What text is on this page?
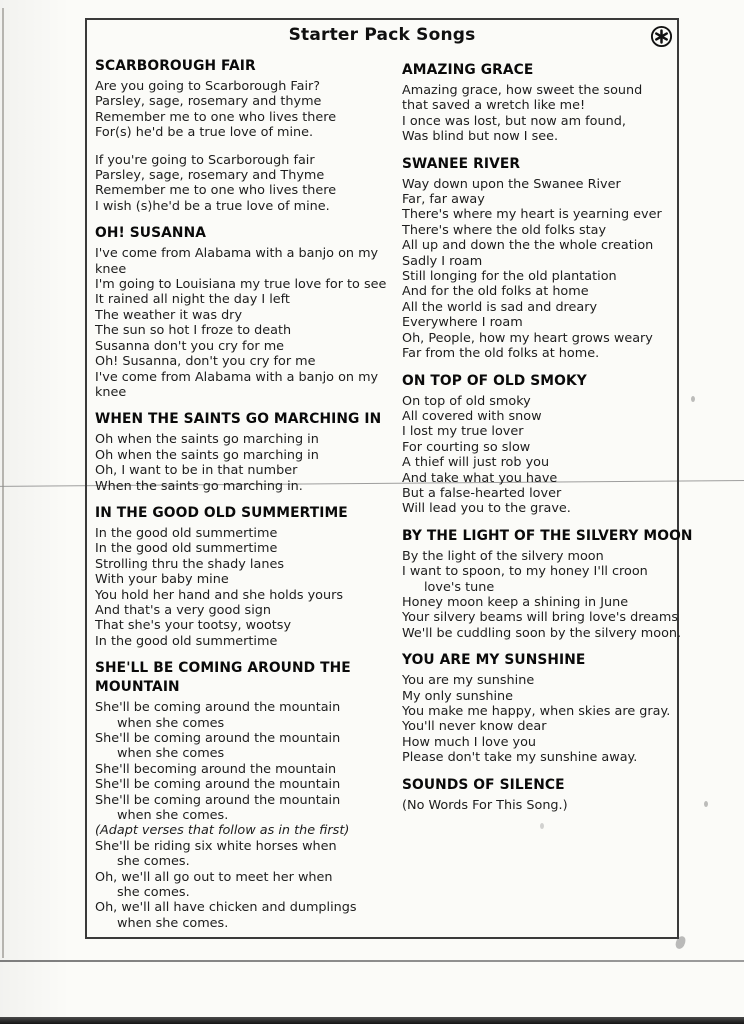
Starter Pack Songs
SCARBOROUGH FAIR
Are you going to Scarborough Fair?
Parsley, sage, rosemary and thyme
Remember me to one who lives there
For(s) he'd be a true love of mine.
If you're going to Scarborough fair
Parsley, sage, rosemary and Thyme
Remember me to one who lives there
I wish (s)he'd be a true love of mine.
OH! SUSANNA
I've come from Alabama with a banjo on my
knee
I'm going to Louisiana my true love for to see
It rained all night the day I left
The weather it was dry
The sun so hot I froze to death
Susanna don't you cry for me
Oh! Susanna, don't you cry for me
I've come from Alabama with a banjo on my
knee
WHEN THE SAINTS GO MARCHING IN
Oh when the saints go marching in
Oh when the saints go marching in
Oh, I want to be in that number
When the saints go marching in.
IN THE GOOD OLD SUMMERTIME
In the good old summertime
In the good old summertime
Strolling thru the shady lanes
With your baby mine
You hold her hand and she holds yours
And that's a very good sign
That she's your tootsy, wootsy
In the good old summertime
SHE'LL BE COMING AROUND THE MOUNTAIN
She'll be coming around the mountain
when she comes
She'll be coming around the mountain
when she comes
She'll becoming around the mountain
She'll be coming around the mountain
She'll be coming around the mountain
when she comes.
(Adapt verses that follow as in the first)
She'll be riding six white horses when
she comes.
Oh, we'll all go out to meet her when
she comes.
Oh, we'll all have chicken and dumplings
when she comes.
AMAZING GRACE
Amazing grace, how sweet the sound
that saved a wretch like me!
I once was lost, but now am found,
Was blind but now I see.
SWANEE RIVER
Way down upon the Swanee River
Far, far away
There's where my heart is yearning ever
There's where the old folks stay
All up and down the the whole creation
Sadly I roam
Still longing for the old plantation
And for the old folks at home
All the world is sad and dreary
Everywhere I roam
Oh, People, how my heart grows weary
Far from the old folks at home.
ON TOP OF OLD SMOKY
On top of old smoky
All covered with snow
I lost my true lover
For courting so slow
A thief will just rob you
And take what you have
But a false-hearted lover
Will lead you to the grave.
BY THE LIGHT OF THE SILVERY MOON
By the light of the silvery moon
I want to spoon, to my honey I'll croon
love's tune
Honey moon keep a shining in June
Your silvery beams will bring love's dreams
We'll be cuddling soon by the silvery moon.
YOU ARE MY SUNSHINE
You are my sunshine
My only sunshine
You make me happy, when skies are gray.
You'll never know dear
How much I love you
Please don't take my sunshine away.
SOUNDS OF SILENCE
(No Words For This Song.)
